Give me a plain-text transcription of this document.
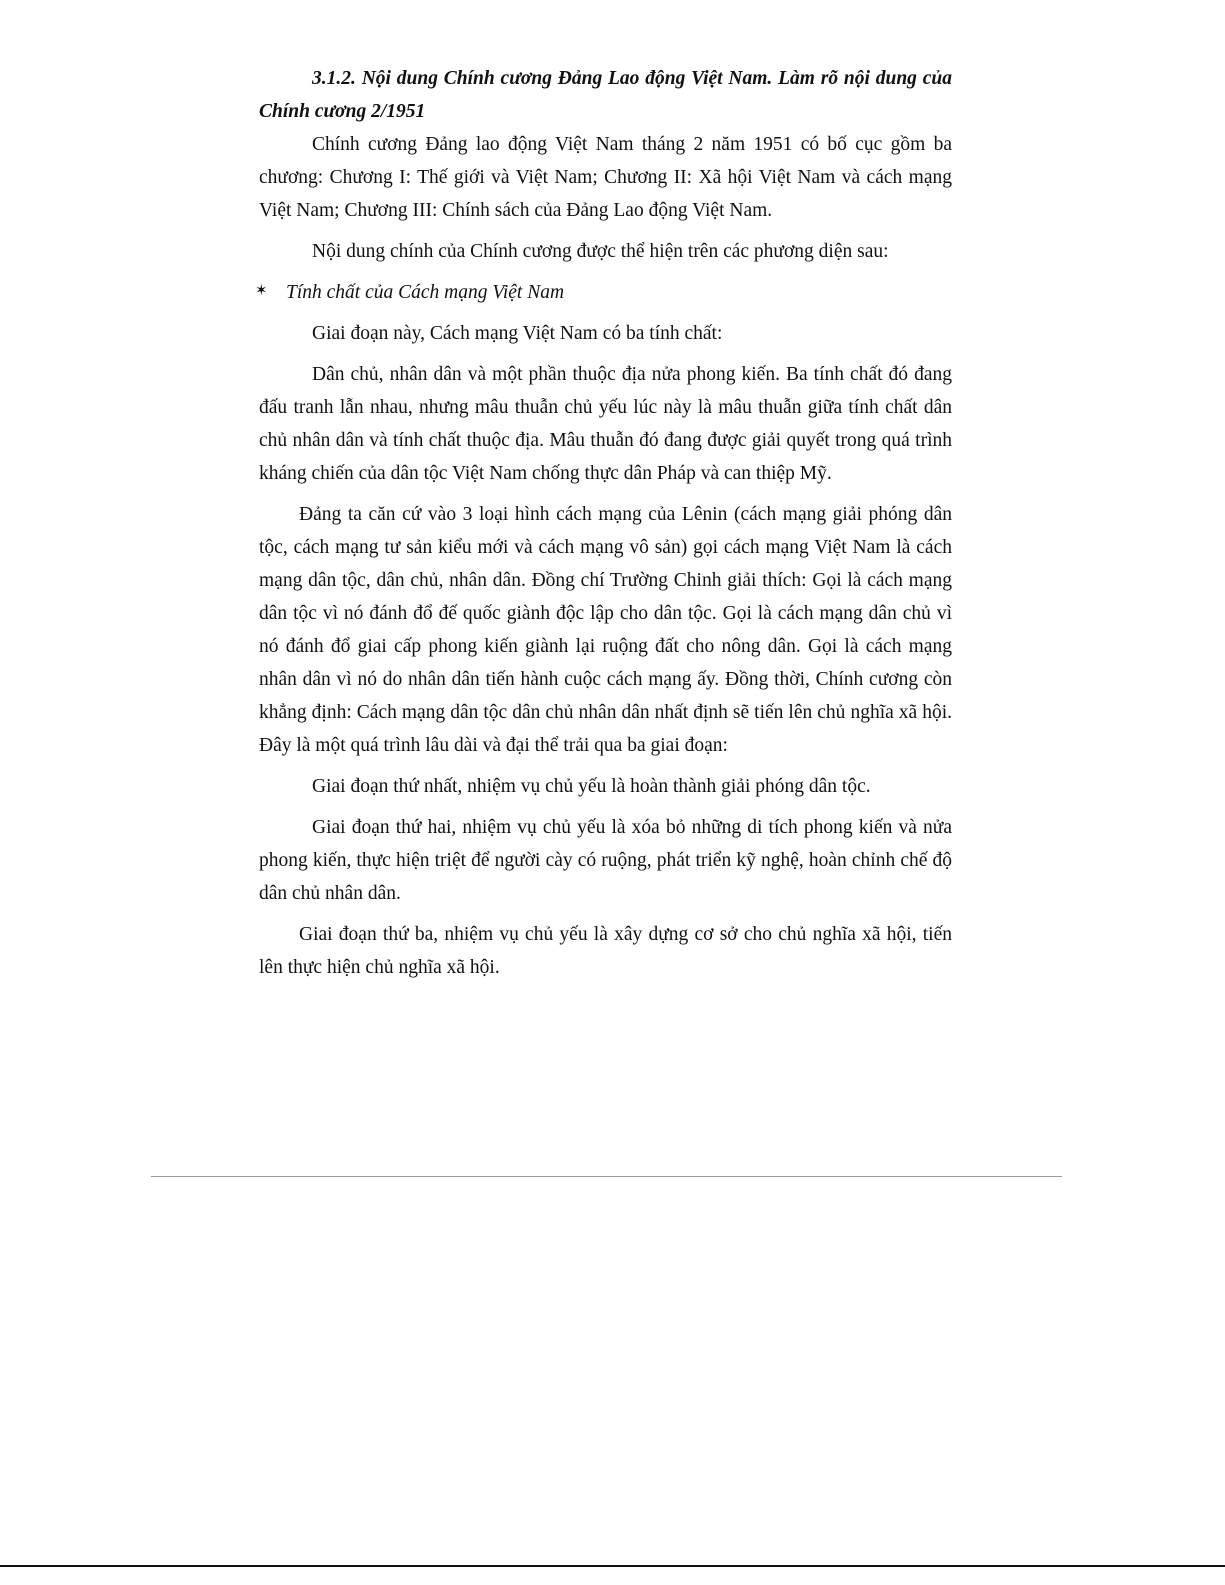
3.1.2. Nội dung Chính cương Đảng Lao động Việt Nam. Làm rõ nội dung của Chính cương 2/1951

Chính cương Đảng lao động Việt Nam tháng 2 năm 1951 có bố cục gồm ba chương: Chương I: Thế giới và Việt Nam; Chương II: Xã hội Việt Nam và cách mạng Việt Nam; Chương III: Chính sách của Đảng Lao động Việt Nam.

Nội dung chính của Chính cương được thể hiện trên các phương diện sau:

✶ Tính chất của Cách mạng Việt Nam

Giai đoạn này, Cách mạng Việt Nam có ba tính chất:

Dân chủ, nhân dân và một phần thuộc địa nửa phong kiến. Ba tính chất đó đang đấu tranh lẫn nhau, nhưng mâu thuẫn chủ yếu lúc này là mâu thuẫn giữa tính chất dân chủ nhân dân và tính chất thuộc địa. Mâu thuẫn đó đang được giải quyết trong quá trình kháng chiến của dân tộc Việt Nam chống thực dân Pháp và can thiệp Mỹ.

Đảng ta căn cứ vào 3 loại hình cách mạng của Lênin (cách mạng giải phóng dân tộc, cách mạng tư sản kiểu mới và cách mạng vô sản) gọi cách mạng Việt Nam là cách mạng dân tộc, dân chủ, nhân dân. Đồng chí Trường Chinh giải thích: Gọi là cách mạng dân tộc vì nó đánh đổ đế quốc giành độc lập cho dân tộc. Gọi là cách mạng dân chủ vì nó đánh đổ giai cấp phong kiến giành lại ruộng đất cho nông dân. Gọi là cách mạng nhân dân vì nó do nhân dân tiến hành cuộc cách mạng ấy. Đồng thời, Chính cương còn khẳng định: Cách mạng dân tộc dân chủ nhân dân nhất định sẽ tiến lên chủ nghĩa xã hội. Đây là một quá trình lâu dài và đại thể trải qua ba giai đoạn:

Giai đoạn thứ nhất, nhiệm vụ chủ yếu là hoàn thành giải phóng dân tộc.

Giai đoạn thứ hai, nhiệm vụ chủ yếu là xóa bỏ những di tích phong kiến và nửa phong kiến, thực hiện triệt để người cày có ruộng, phát triển kỹ nghệ, hoàn chỉnh chế độ dân chủ nhân dân.

Giai đoạn thứ ba, nhiệm vụ chủ yếu là xây dựng cơ sở cho chủ nghĩa xã hội, tiến lên thực hiện chủ nghĩa xã hội.
